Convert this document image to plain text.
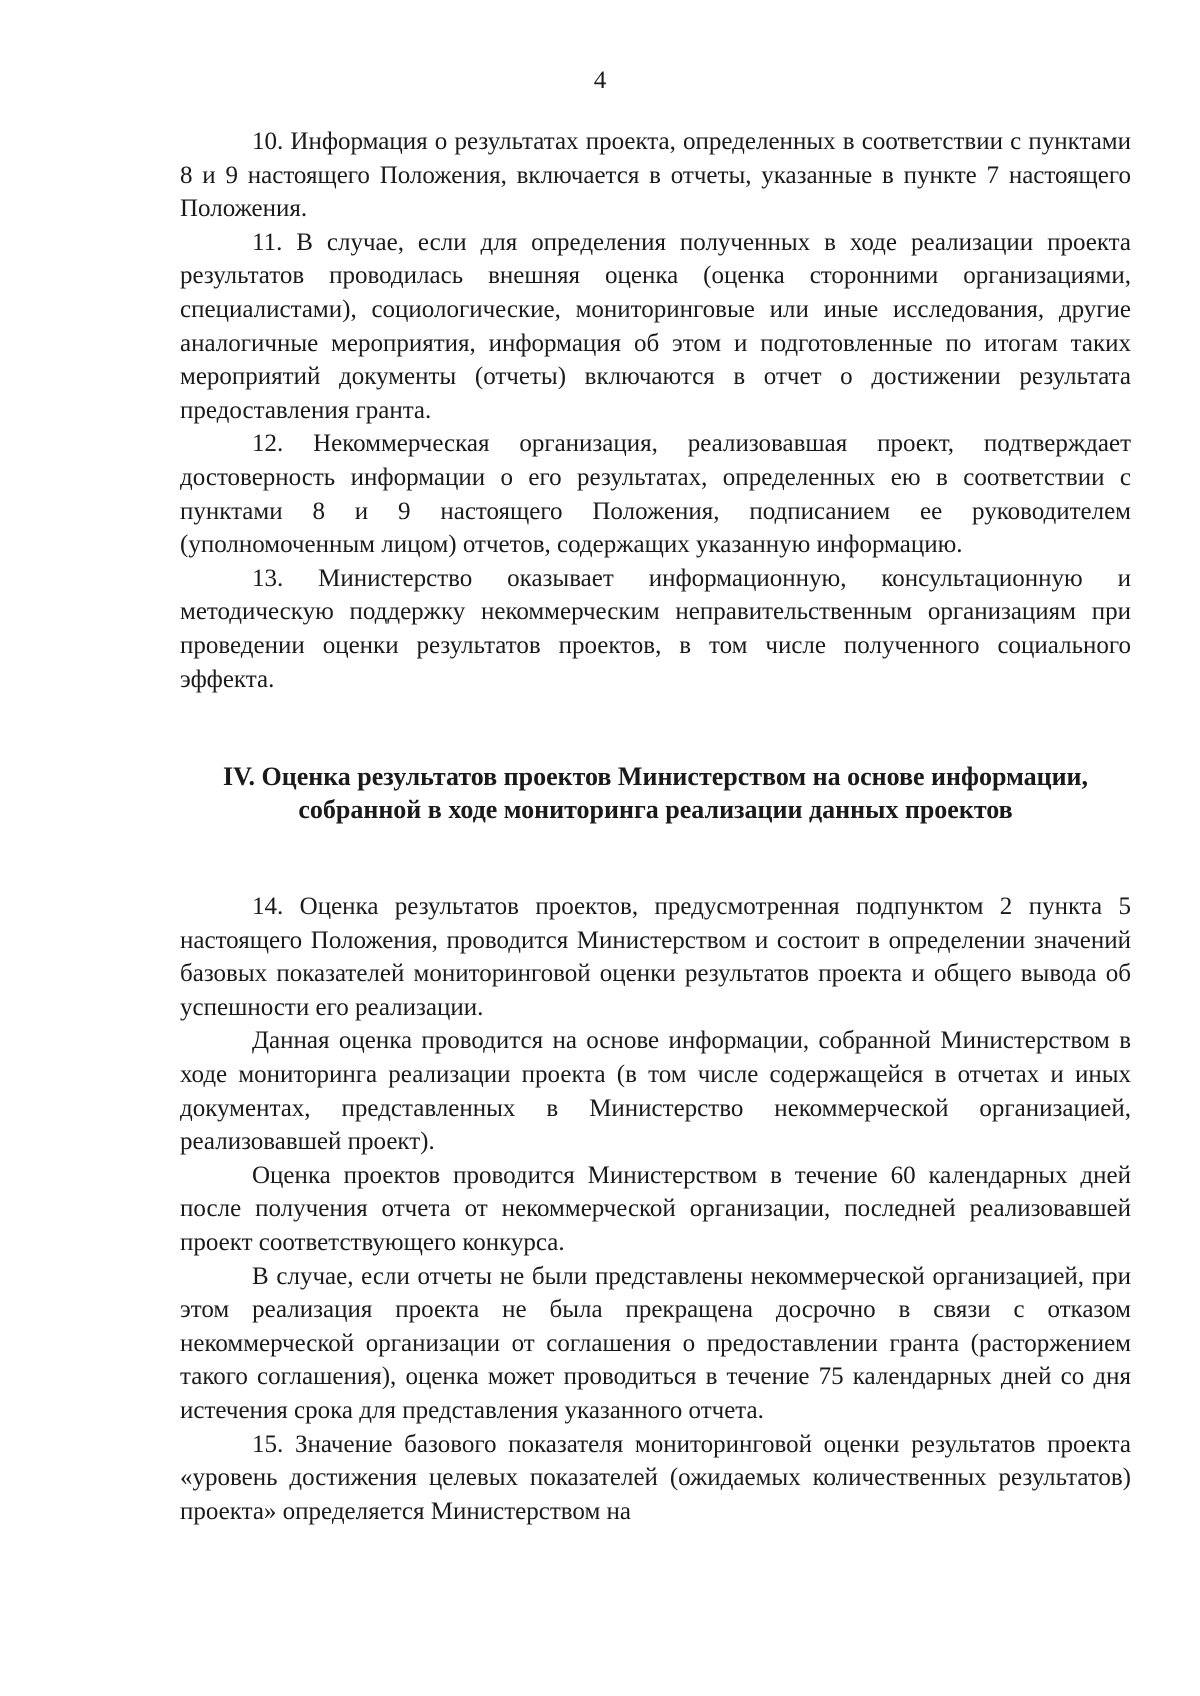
4

10. Информация о результатах проекта, определенных в соответствии с пунктами 8 и 9 настоящего Положения, включается в отчеты, указанные в пункте 7 настоящего Положения.

11. В случае, если для определения полученных в ходе реализации проекта результатов проводилась внешняя оценка (оценка сторонними организациями, специалистами), социологические, мониторинговые или иные исследования, другие аналогичные мероприятия, информация об этом и подготовленные по итогам таких мероприятий документы (отчеты) включаются в отчет о достижении результата предоставления гранта.

12. Некоммерческая организация, реализовавшая проект, подтверждает достоверность информации о его результатах, определенных ею в соответствии с пунктами 8 и 9 настоящего Положения, подписанием ее руководителем (уполномоченным лицом) отчетов, содержащих указанную информацию.

13. Министерство оказывает информационную, консультационную и методическую поддержку некоммерческим неправительственным организациям при проведении оценки результатов проектов, в том числе полученного социального эффекта.

IV. Оценка результатов проектов Министерством на основе информации, собранной в ходе мониторинга реализации данных проектов

14. Оценка результатов проектов, предусмотренная подпунктом 2 пункта 5 настоящего Положения, проводится Министерством и состоит в определении значений базовых показателей мониторинговой оценки результатов проекта и общего вывода об успешности его реализации.

Данная оценка проводится на основе информации, собранной Министерством в ходе мониторинга реализации проекта (в том числе содержащейся в отчетах и иных документах, представленных в Министерство некоммерческой организацией, реализовавшей проект).

Оценка проектов проводится Министерством в течение 60 календарных дней после получения отчета от некоммерческой организации, последней реализовавшей проект соответствующего конкурса.

В случае, если отчеты не были представлены некоммерческой организацией, при этом реализация проекта не была прекращена досрочно в связи с отказом некоммерческой организации от соглашения о предоставлении гранта (расторжением такого соглашения), оценка может проводиться в течение 75 календарных дней со дня истечения срока для представления указанного отчета.

15. Значение базового показателя мониторинговой оценки результатов проекта «уровень достижения целевых показателей (ожидаемых количественных результатов) проекта» определяется Министерством на
